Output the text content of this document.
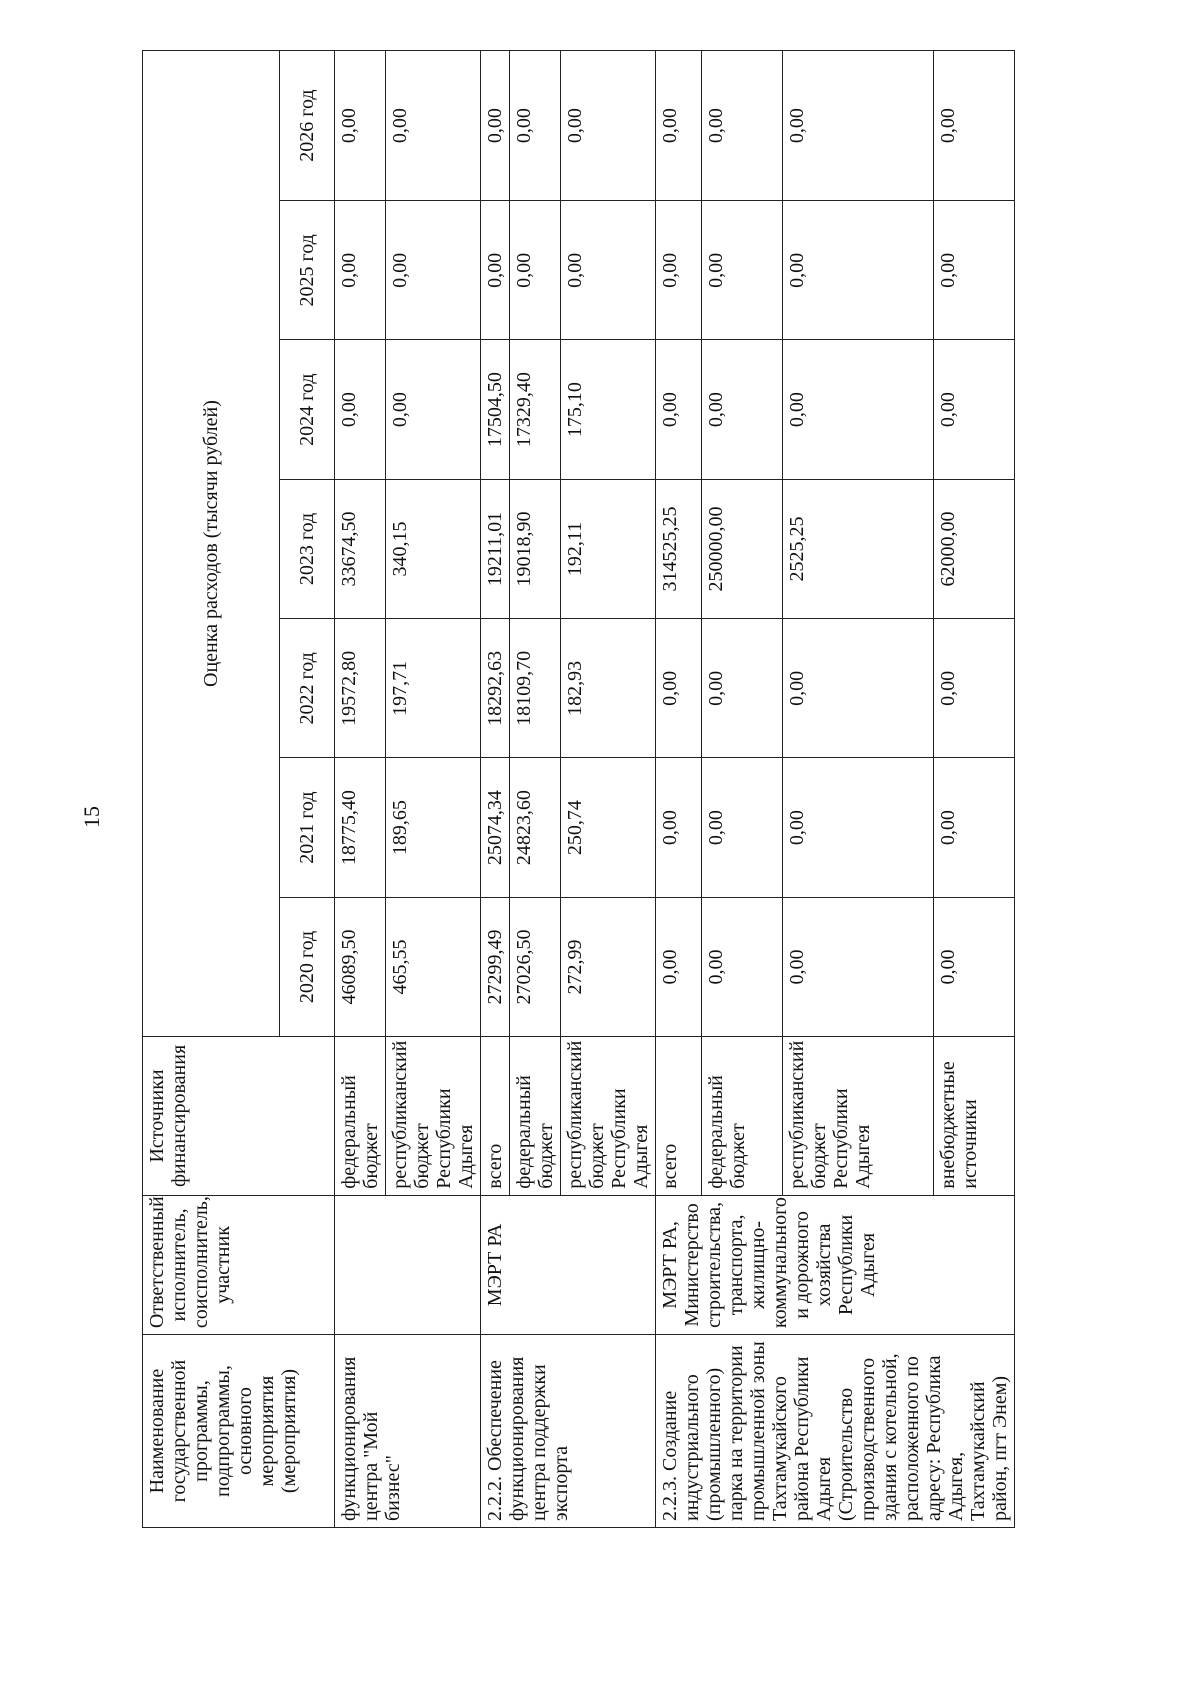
15
Наименование государственной программы, подпрограммы, основного мероприятия (мероприятия)	Ответственный исполнитель, соисполнитель, участник	Источники финансирования	Оценка расходов (тысячи рублей)						
			2020 год	2021 год	2022 год	2023 год	2024 год	2025 год	2026 год
функционирования центра "Мой бизнес"		федеральный бюджет	46089,50	18775,40	19572,80	33674,50	0,00	0,00	0,00
		республиканский бюджет Республики Адыгея	465,55	189,65	197,71	340,15	0,00	0,00	0,00
2.2.2. Обеспечение функционирования центра поддержки экспорта	МЭРТ РА	всего	27299,49	25074,34	18292,63	19211,01	17504,50	0,00	0,00
		федеральный бюджет	27026,50	24823,60	18109,70	19018,90	17329,40	0,00	0,00
		республиканский бюджет Республики Адыгея	272,99	250,74	182,93	192,11	175,10	0,00	0,00
2.2.3. Создание индустриального (промышленного) парка на территории промышленной зоны Тахтамукайского района Республики Адыгея (Строительство производственного здания с котельной, расположенного по адресу: Республика Адыгея, Тахтамукайский район, пгт Энем)	МЭРТ РА, Министерство строительства, транспорта, жилищно-коммунального и дорожного хозяйства Республики Адыгея	всего	0,00	0,00	0,00	314525,25	0,00	0,00	0,00
		федеральный бюджет	0,00	0,00	0,00	250000,00	0,00	0,00	0,00
		республиканский бюджет Республики Адыгея	0,00	0,00	0,00	2525,25	0,00	0,00	0,00
		внебюджетные источники	0,00	0,00	0,00	62000,00	0,00	0,00	0,00
